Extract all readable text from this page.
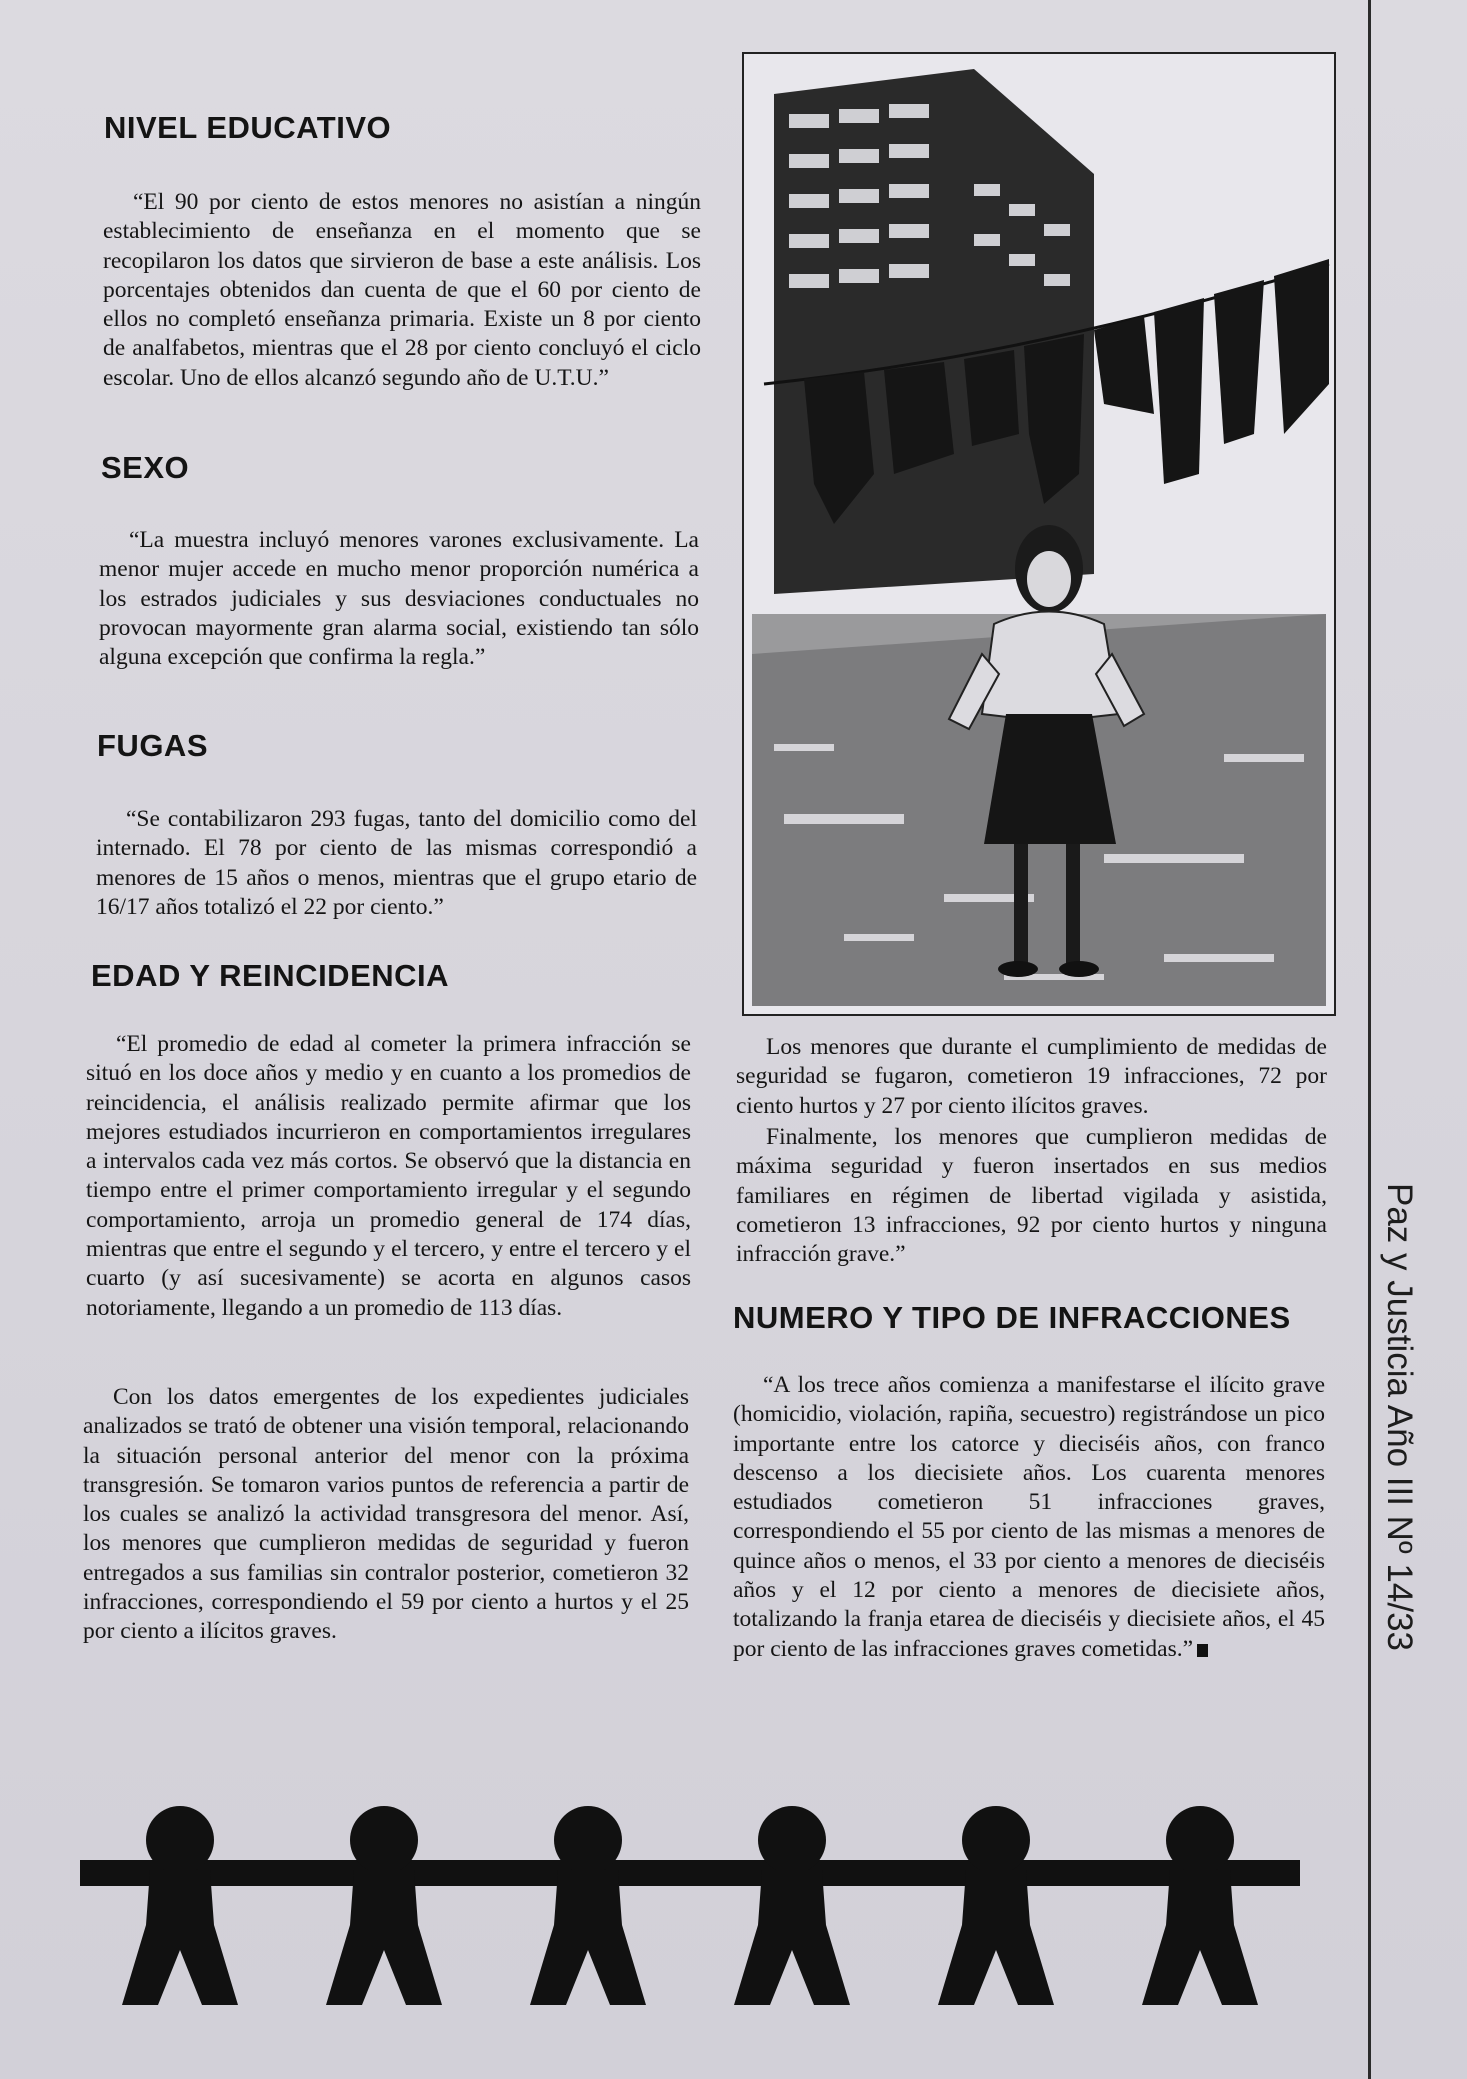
NIVEL EDUCATIVO

“El 90 por ciento de estos menores no asistían a ningún establecimiento de enseñanza en el momento que se recopilaron los datos que sirvieron de base a este análisis. Los porcentajes obtenidos dan cuenta de que el 60 por ciento de ellos no completó enseñanza primaria. Existe un 8 por ciento de analfabetos, mientras que el 28 por ciento concluyó el ciclo escolar. Uno de ellos alcanzó segundo año de U.T.U.”

SEXO

“La muestra incluyó menores varones exclusivamente. La menor mujer accede en mucho menor proporción numérica a los estrados judiciales y sus desviaciones conductuales no provocan mayormente gran alarma social, existiendo tan sólo alguna excepción que confirma la regla.”

FUGAS

“Se contabilizaron 293 fugas, tanto del domicilio como del internado. El 78 por ciento de las mismas correspondió a menores de 15 años o menos, mientras que el grupo etario de 16/17 años totalizó el 22 por ciento.”

EDAD Y REINCIDENCIA

“El promedio de edad al cometer la primera infracción se situó en los doce años y medio y en cuanto a los promedios de reincidencia, el análisis realizado permite afirmar que los mejores estudiados incurrieron en comportamientos irregulares a intervalos cada vez más cortos. Se observó que la distancia en tiempo entre el primer comportamiento irregular y el segundo comportamiento, arroja un promedio general de 174 días, mientras que entre el segundo y el tercero, y entre el tercero y el cuarto (y así sucesivamente) se acorta en algunos casos notoriamente, llegando a un promedio de 113 días.

Con los datos emergentes de los expedientes judiciales analizados se trató de obtener una visión temporal, relacionando la situación personal anterior del menor con la próxima transgresión. Se tomaron varios puntos de referencia a partir de los cuales se analizó la actividad transgresora del menor. Así, los menores que cumplieron medidas de seguridad y fueron entregados a sus familias sin contralor posterior, cometieron 32 infracciones, correspondiendo el 59 por ciento a hurtos y el 25 por ciento a ilícitos graves.

Los menores que durante el cumplimiento de medidas de seguridad se fugaron, cometieron 19 infracciones, 72 por ciento hurtos y 27 por ciento ilícitos graves.

Finalmente, los menores que cumplieron medidas de máxima seguridad y fueron insertados en sus medios familiares en régimen de libertad vigilada y asistida, cometieron 13 infracciones, 92 por ciento hurtos y ninguna infracción grave.”

NUMERO Y TIPO DE INFRACCIONES

“A los trece años comienza a manifestarse el ilícito grave (homicidio, violación, rapiña, secuestro) registrándose un pico importante entre los catorce y dieciséis años, con franco descenso a los diecisiete años. Los cuarenta menores estudiados cometieron 51 infracciones graves, correspondiendo el 55 por ciento de las mismas a menores de quince años o menos, el 33 por ciento a menores de dieciséis años y el 12 por ciento a menores de diecisiete años, totalizando la franja etarea de dieciséis y diecisiete años, el 45 por ciento de las infracciones graves cometidas.”	Paz y Justicia Año III Nº 14/33
